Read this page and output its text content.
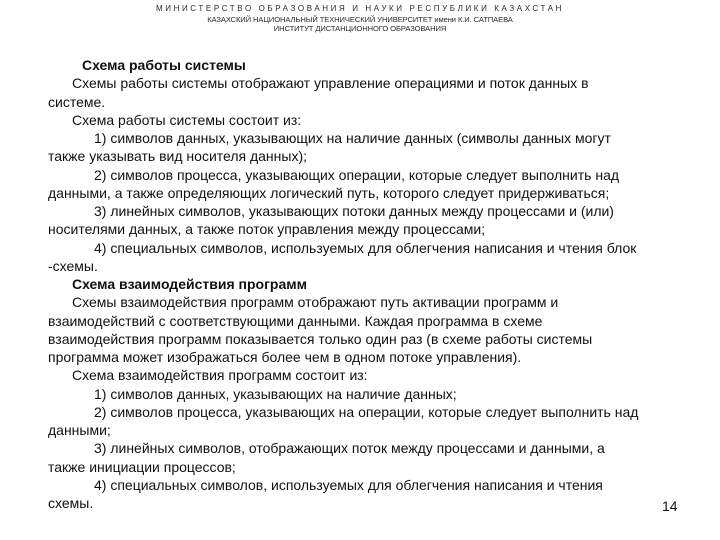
МИНИСТЕРСТВО ОБРАЗОВАНИЯ И НАУКИ РЕСПУБЛИКИ КАЗАХСТАН
КАЗАХСКИЙ НАЦИОНАЛЬНЫЙ ТЕХНИЧЕСКИЙ УНИВЕРСИТЕТ имени К.И. САТПАЕВА
ИНСТИТУТ ДИСТАНЦИОННОГО ОБРАЗОВАНИЯ
Схема работы системы
Схемы работы системы отображают управление операциями и поток данных в
системе.
Схема работы системы состоит из:
1) символов данных, указывающих на наличие данных (символы данных могут
также указывать вид носителя данных);
2) символов процесса, указывающих операции, которые следует выполнить над
данными, а также определяющих логический путь, которого следует придерживаться;
3) линейных символов, указывающих потоки данных между процессами и (или)
носителями данных, а также поток управления между процессами;
4) специальных символов, используемых для облегчения написания и чтения блок
-схемы.
Схема взаимодействия программ
Схемы взаимодействия программ отображают путь активации программ и
взаимодействий с соответствующими данными. Каждая программа в схеме
взаимодействия программ показывается только один раз (в схеме работы системы
программа может изображаться более чем в одном потоке управления).
Схема взаимодействия программ состоит из:
1) символов данных, указывающих на наличие данных;
2) символов процесса, указывающих на операции, которые следует выполнить над
данными;
3) линейных символов, отображающих поток между процессами и данными, а
также инициации процессов;
4) специальных символов, используемых для облегчения написания и чтения
схемы.	14
